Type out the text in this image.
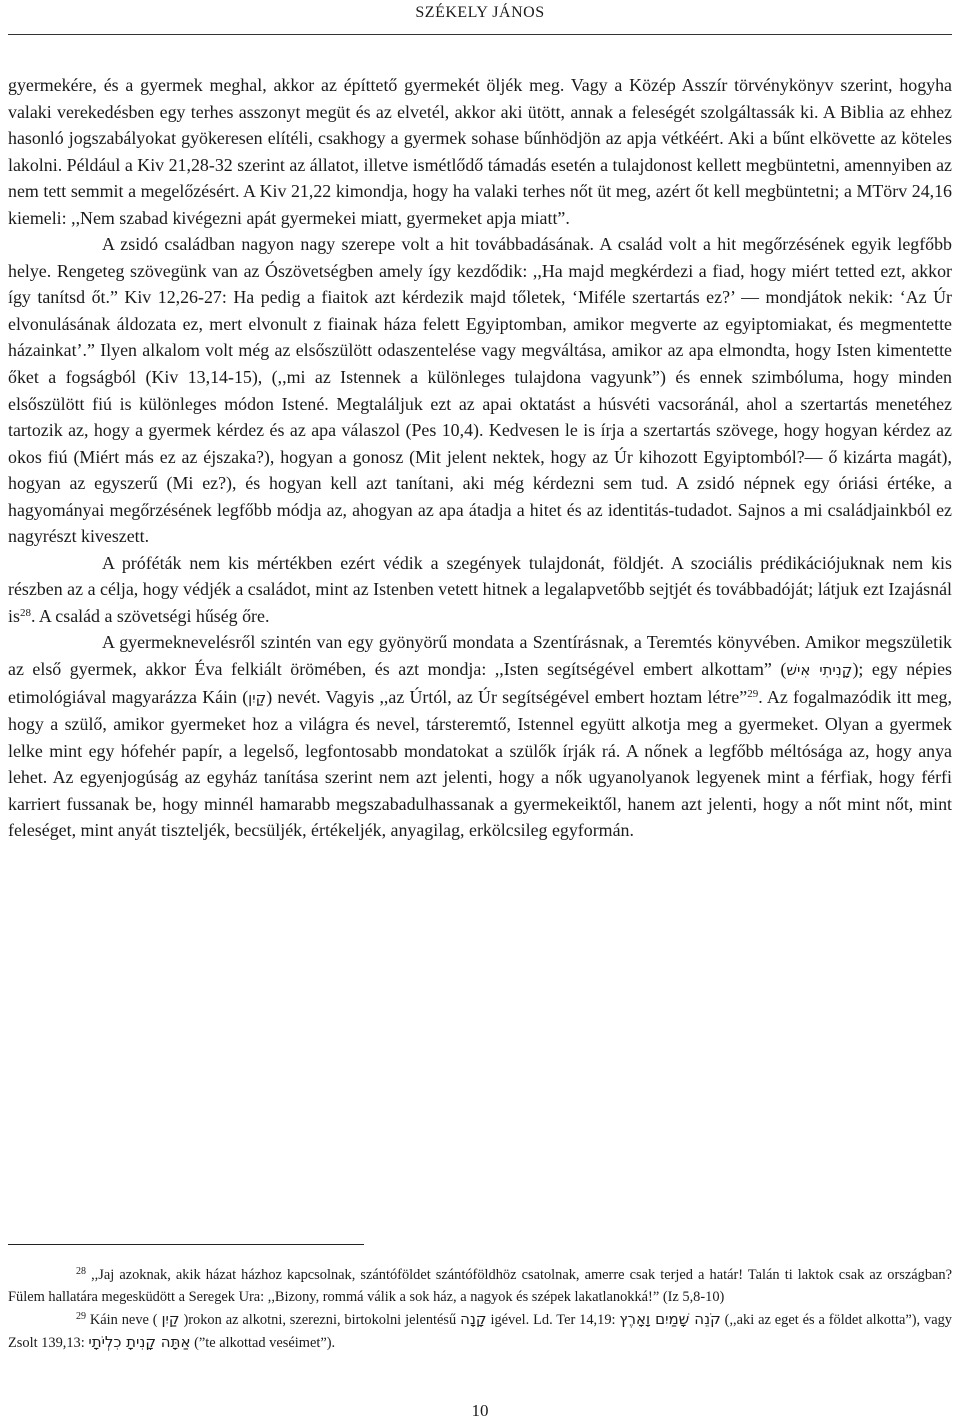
SZÉKELY JÁNOS

gyermekére, és a gyermek meghal, akkor az építtető gyermekét öljék meg. Vagy a Közép Asszír törvénykönyv szerint, hogyha valaki verekedésben egy terhes asszonyt megüt és az elvetél, akkor aki ütött, annak a feleségét szolgáltassák ki. A Biblia az ehhez hasonló jogszabályokat gyökeresen elítéli, csakhogy a gyermek sohase bűnhödjön az apja vétkéért. Aki a bűnt elkövette az köteles lakolni. Például a Kiv 21,28-32 szerint az állatot, illetve ismétlődő támadás esetén a tulajdonost kellett megbüntetni, amennyiben az nem tett semmit a megelőzésért. A Kiv 21,22 kimondja, hogy ha valaki terhes nőt üt meg, azért őt kell megbüntetni; a MTörv 24,16 kiemeli: ,,Nem szabad kivégezni apát gyermekei miatt, gyermeket apja miatt”.

A zsidó családban nagyon nagy szerepe volt a hit továbbadásának. A család volt a hit megőrzésének egyik legfőbb helye. Rengeteg szövegünk van az Ószövetségben amely így kezdődik: ,,Ha majd megkérdezi a fiad, hogy miért tetted ezt, akkor így tanítsd őt.” Kiv 12,26-27: Ha pedig a fiaitok azt kérdezik majd tőletek, ‘Miféle szertartás ez?’ — mondjátok nekik: ‘Az Úr elvonulásának áldozata ez, mert elvonult z fiainak háza felett Egyiptomban, amikor megverte az egyiptomiakat, és megmentette házainkat’.” Ilyen alkalom volt még az elsőszülött odaszentelése vagy megváltása, amikor az apa elmondta, hogy Isten kimentette őket a fogságból (Kiv 13,14-15), (,,mi az Istennek a különleges tulajdona vagyunk”) és ennek szimbóluma, hogy minden elsőszülött fiú is különleges módon Istené. Megtaláljuk ezt az apai oktatást a húsvéti vacsoránál, ahol a szertartás menetéhez tartozik az, hogy a gyermek kérdez és az apa válaszol (Pes 10,4). Kedvesen le is írja a szertartás szövege, hogy hogyan kérdez az okos fiú (Miért más ez az éjszaka?), hogyan a gonosz (Mit jelent nektek, hogy az Úr kihozott Egyiptomból?— ő kizárta magát), hogyan az egyszerű (Mi ez?), és hogyan kell azt tanítani, aki még kérdezni sem tud. A zsidó népnek egy óriási értéke, a hagyományai megőrzésének legfőbb módja az, ahogyan az apa átadja a hitet és az identitás-tudadot. Sajnos a mi családjainkból ez nagyrészt kiveszett.

A próféták nem kis mértékben ezért védik a szegények tulajdonát, földjét. A szociális prédikációjuknak nem kis részben az a célja, hogy védjék a családot, mint az Istenben vetett hitnek a legalapvetőbb sejtjét és továbbadóját; látjuk ezt Izajásnál $is^{28}$. A család a szövetségi hűség őre.

A gyermeknevelésről szintén van egy gyönyörű mondata a Szentírásnak, a Teremtés könyvében. Amikor megszületik az első gyermek, akkor Éva felkiált örömében, és azt mondja: ,,Isten segítségével embert alkottam” (קָנִיתִי אִישׁ); egy népies etimológiával magyarázza Káin (קַיִן) nevét. Vagyis ,,az Úrtól, az Úr segítségével embert hoztam létre”$^{29}$. Az fogalmazódik itt meg, hogy a szülő, amikor gyermeket hoz a világra és nevel, társteremtő, Istennel együtt alkotja meg a gyermeket. Olyan a gyermek lelke mint egy hófehér papír, a legelső, legfontosabb mondatokat a szülők írják rá. A nőnek a legfőbb méltósága az, hogy anya lehet. Az egyenjogúság az egyház tanítása szerint nem azt jelenti, hogy a nők ugyanolyanok legyenek mint a férfiak, hogy férfi karriert fussanak be, hogy minnél hamarabb megszabadulhassanak a gyermekeiktől, hanem azt jelenti, hogy a nőt mint nőt, mint feleséget, mint anyát tiszteljék, becsüljék, értékeljék, anyagilag, erkölcsileg egyformán.

$^{28}$ ,,Jaj azoknak, akik házat házhoz kapcsolnak, szántóföldet szántóföldhöz csatolnak, amerre csak terjed a határ! Talán ti laktok csak az országban? Fülem hallatára megesküdött a Seregek Ura: ,,Bizony, rommá válik a sok ház, a nagyok és szépek lakatlanokká!” (Iz 5,8-10)

$^{29}$ Káin neve ( קַיִן )rokon az alkotni, szerezni, birtokolni jelentésű קָנָה igével. Ld. Ter 14,19: קֹנֵה שָׁמַיִם וָאָרֶץ (,,aki az eget és a földet alkotta”), vagy Zsolt 139,13: אַתָּה קָנִיתָ כִלְיֹתָי (”te alkottad veséimet”).

10
